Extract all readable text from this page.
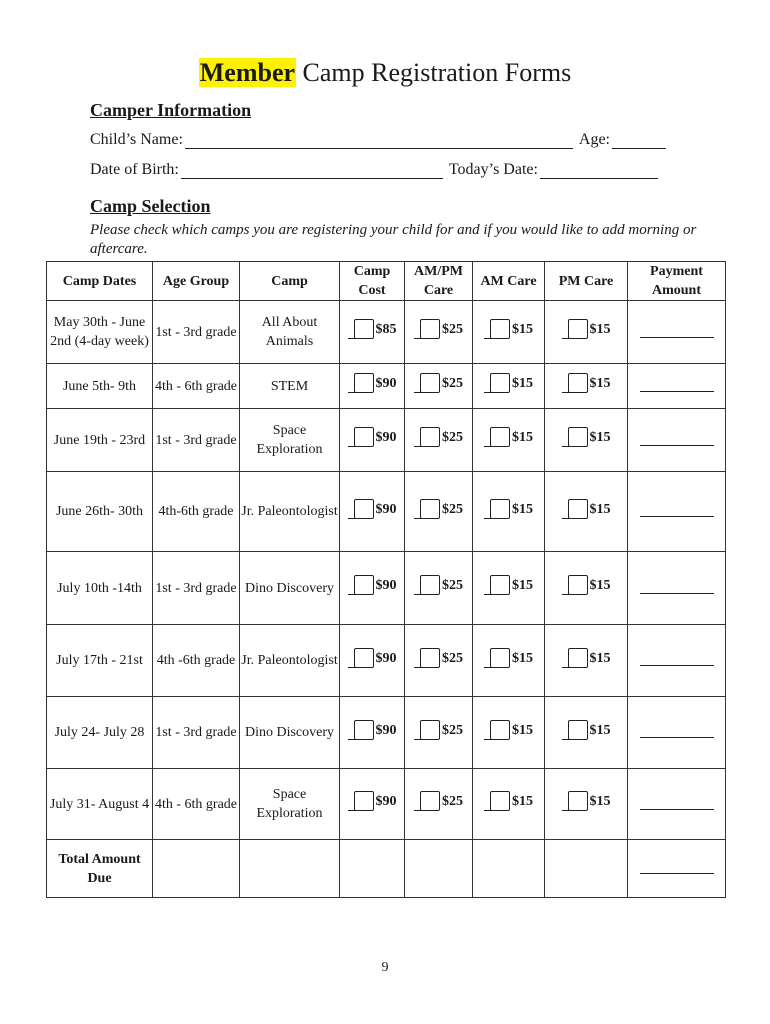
Member Camp Registration Forms
Camper Information
Child’s Name:	Age:
Date of Birth:	Today’s Date:
Camp Selection
Please check which camps you are registering your child for and if you would like to add morning or aftercare.
Camp Dates	Age Group	Camp	Camp Cost	AM/PM Care	AM Care	PM Care	Payment Amount
May 30th - June 2nd (4-day week)	1st - 3rd grade	All About Animals	$85	$25	$15	$15	

June 5th- 9th	4th - 6th grade	STEM	$90	$25	$15	$15	

June 19th - 23rd	1st - 3rd grade	Space Exploration	$90	$25	$15	$15	

June 26th- 30th	4th-6th grade	Jr. Paleontologist	$90	$25	$15	$15	

July 10th -14th	1st - 3rd grade	Dino Discovery	$90	$25	$15	$15	

July 17th - 21st	4th -6th grade	Jr. Paleontologist	$90	$25	$15	$15	

July 24- July 28	1st - 3rd grade	Dino Discovery	$90	$25	$15	$15	

July 31- August 4	4th - 6th grade	Space Exploration	$90	$25	$15	$15	

Total Amount Due							
9
